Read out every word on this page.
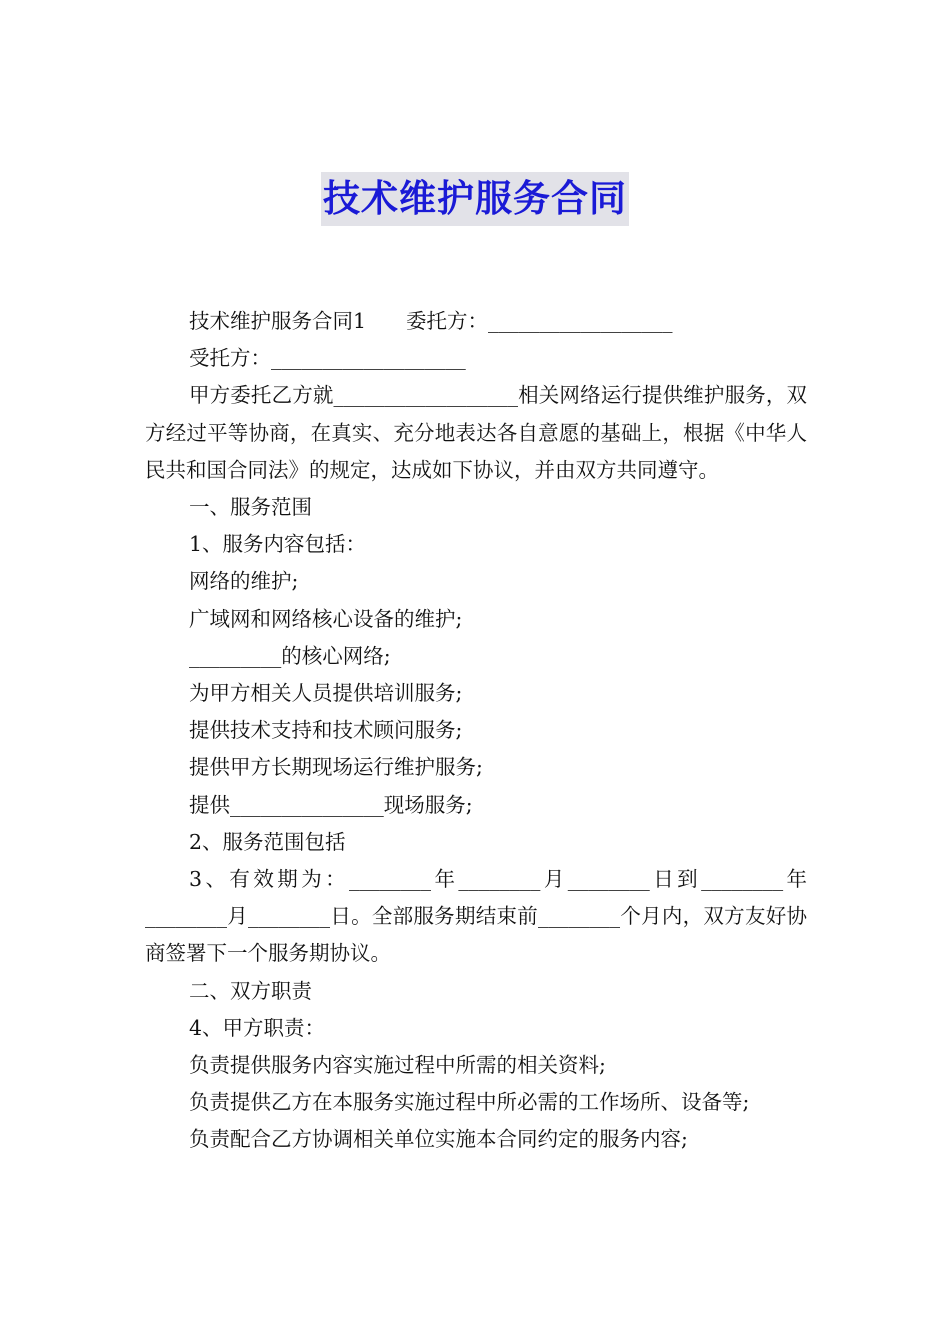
技术维护服务合同

技术维护服务合同1 委托方：__________________

受托方：___________________

甲方委托乙方就__________________相关网络运行提供维护服务，双方经过平等协商，在真实、充分地表达各自意愿的基础上，根据《中华人民共和国合同法》的规定，达成如下协议，并由双方共同遵守。

一、服务范围

1、服务内容包括：

网络的维护;

广域网和网络核心设备的维护;

_________的核心网络;

为甲方相关人员提供培训服务;

提供技术支持和技术顾问服务;

提供甲方长期现场运行维护服务;

提供_______________现场服务;

2、服务范围包括

3、有效期为：________年________月________日到________年________月________日。全部服务期结束前________个月内，双方友好协商签署下一个服务期协议。

二、双方职责

4、甲方职责：

负责提供服务内容实施过程中所需的相关资料;

负责提供乙方在本服务实施过程中所必需的工作场所、设备等;

负责配合乙方协调相关单位实施本合同约定的服务内容;
